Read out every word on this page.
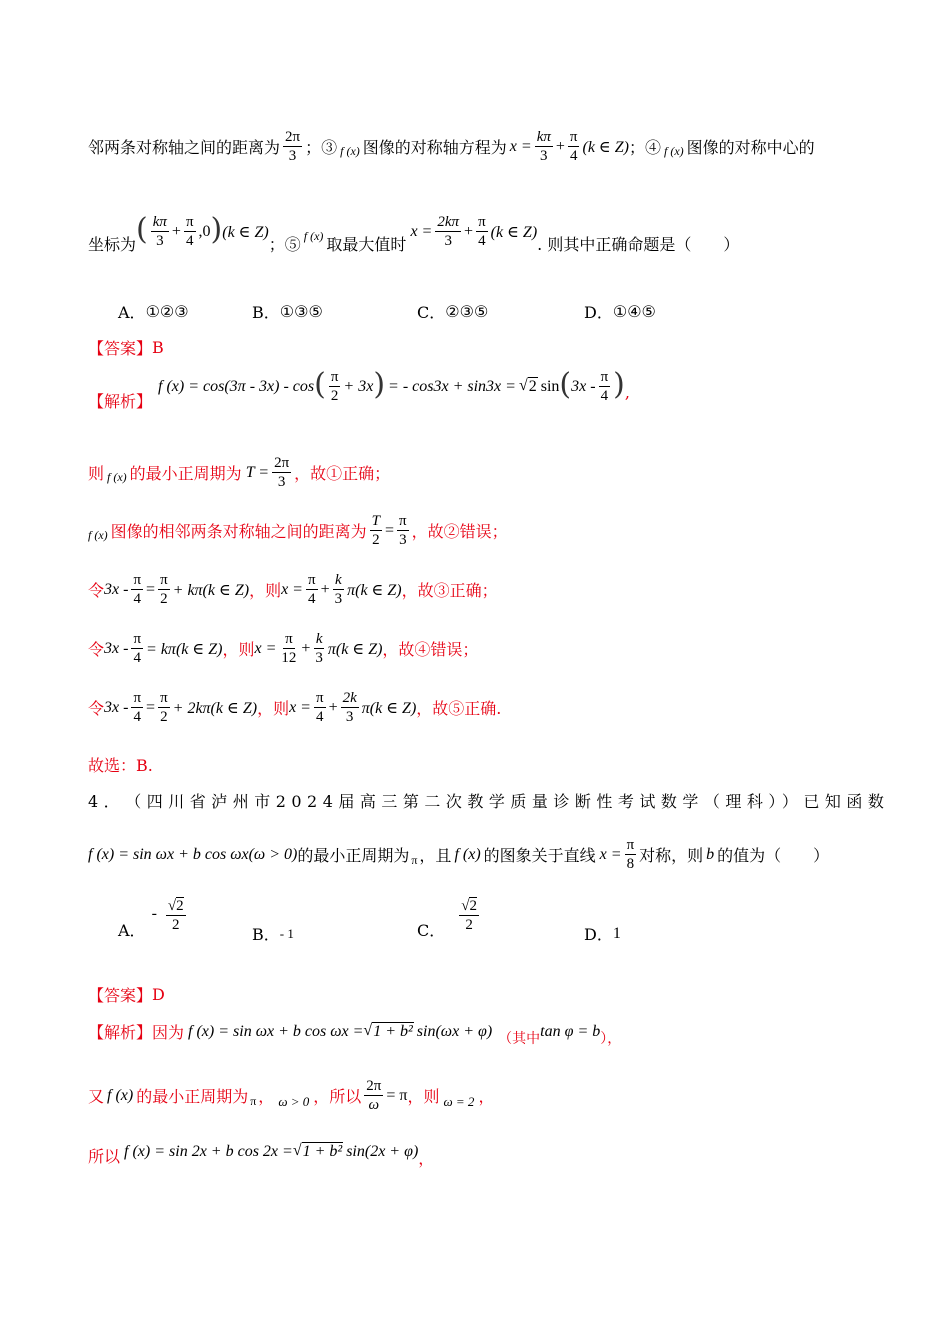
邻两条对称轴之间的距离为 $\frac{2\pi}{3}$ ；③ f (x) 图像的对称轴方程为 $x = \frac{k\pi}{3} + \frac{\pi}{4} (k$ ∈ Z) ；④ f (x) 图像的对称中心的
坐标为 ( $\frac{k\pi}{3} + \frac{\pi}{4} ,0$ ) (k ∈ Z)
；⑤ f (x) 取最大值时
$x = \frac{2k\pi}{3} + \frac{\pi}{4} (k$ ∈ Z)
. 则其中正确命题是（　　）
A． ①②③	B． ①③⑤	C． ②③⑤	D． ①④⑤
【答案】 B
【解析】
f (x) = cos(3π - 3x) - cos ( $\frac{\pi}{2} + 3x$ ) = - cos3x + sin3x = √ 2 sin ( $3x - \frac{\pi}{4}$ ) ,
则 f (x) 的最小正周期为 $T = \frac{2\pi}{3}$ ，故①正确；
f (x) 图像的相邻两条对称轴之间的距离为 $\frac{T}{2} = \frac{\pi}{3}$ ，故②错误；
令 $3x - \frac{\pi}{4} = \frac{\pi}{2} + k\pi(k$ ∈ Z) ，则 $x = \frac{\pi}{4} + \frac{k}{3} \pi(k$ ∈ Z) ，故③正确；
令 $3x - \frac{\pi}{4} = k\pi(k$ ∈ Z) ，则 $x = \frac{\pi}{12} + \frac{k}{3} \pi(k$ ∈ Z) ，故④错误；
令 $3x - \frac{\pi}{4} = \frac{\pi}{2} + 2k\pi(k$ ∈ Z) ，则 $x = \frac{\pi}{4} + \frac{2k}{3} \pi(k$ ∈ Z) ，故⑤正确.
故选：B.
4． （四川省泸州市2024届高三第二次教学质量诊断性考试数学（理科））已知函数
f (x) = sin ωx + b cos ωx(ω > 0) 的最小正周期为 π ，且 f (x) 的图象关于直线 $x = \frac{\pi}{8}$ 对称，则 b 的值为（　　）
A．
- $\frac{√2}{2}$
B． - 1	C． $\frac{√2}{2}$
D． 1
【答案】 D
【解析】 因为 f (x) = sin ωx + b cos ωx = √ 1 + b² sin(ωx + φ) （其中 tan φ = b ），
又 f (x) 的最小正周期为 π ， ω > 0 ，所以 $\frac{2\pi}{\omega} = \pi$ ，则 ω = 2 ，
所以 f (x) = sin 2x + b cos 2x = √ 1 + b² sin(2x + φ) ，
